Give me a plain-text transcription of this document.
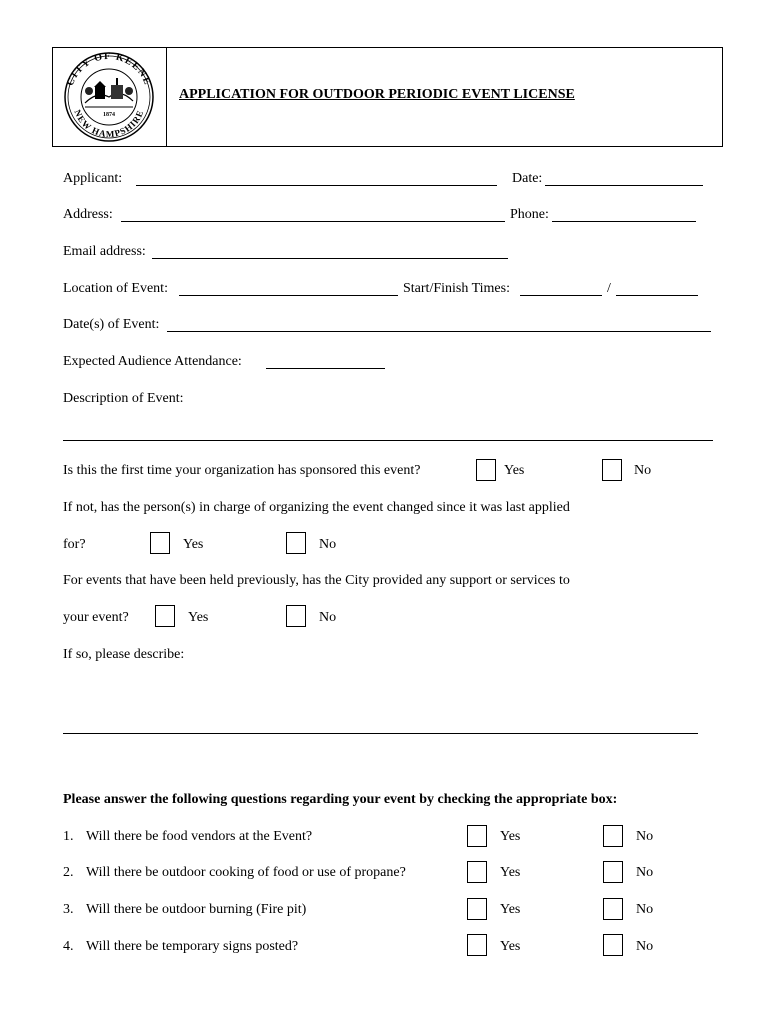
CITY OF KEENE
NEW HAMPSHIRE
1874
APPLICATION FOR OUTDOOR PERIODIC EVENT LICENSE
Applicant:	Date:
Address:	Phone:
Email address:
Location of Event:	Start/Finish Times:	/
Date(s) of Event:
Expected Audience Attendance:
Description of Event:
Is this the first time your organization has sponsored this event?	Yes	No
If not, has the person(s) in charge of organizing the event changed since it was last applied
for?	Yes	No
For events that have been held previously, has the City provided any support or services to
your event?	Yes	No
If so, please describe:
Please answer the following questions regarding your event by checking the appropriate box:
1. Will there be food vendors at the Event?	Yes	No
2. Will there be outdoor cooking of food or use of propane?	Yes	No
3. Will there be outdoor burning (Fire pit)	Yes	No
4. Will there be temporary signs posted?	Yes	No
